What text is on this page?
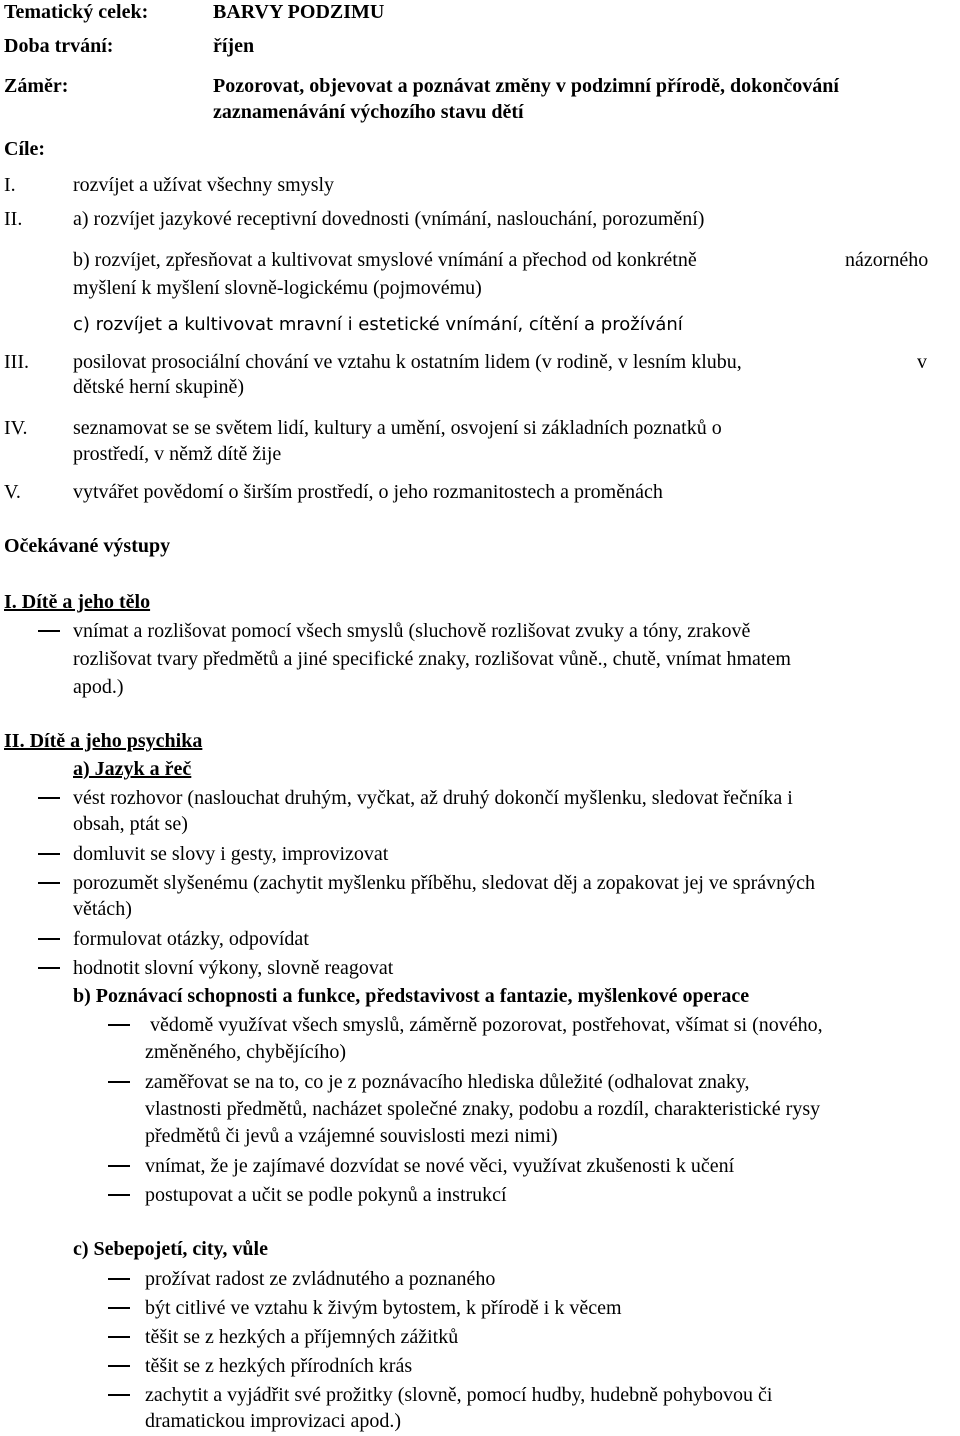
Tematický celek:	BARVY PODZIMU
Doba trvání:	říjen
Záměr:	Pozorovat, objevovat a poznávat změny v podzimní přírodě, dokončování
zaznamenávání výchozího stavu dětí
Cíle:
I.	rozvíjet a užívat všechny smysly
II.	a) rozvíjet jazykové receptivní dovednosti (vnímání, naslouchání, porozumění)
b) rozvíjet, zpřesňovat a kultivovat smyslové vnímání a přechod od konkrétně	názorného
myšlení k myšlení slovně-logickému (pojmovému)
c) rozvíjet a kultivovat mravní i estetické vnímání, cítění a prožívání
III. posilovat prosociální chování ve vztahu k ostatním lidem (v rodině, v lesním klubu,	v
dětské herní skupině)
IV. seznamovat se se světem lidí, kultury a umění, osvojení si základních poznatků o
prostředí, v němž dítě žije
V.	vytvářet povědomí o širším prostředí, o jeho rozmanitostech a proměnách
Očekávané výstupy
I. Dítě a jeho tělo
vnímat a rozlišovat pomocí všech smyslů (sluchově rozlišovat zvuky a tóny, zrakově
rozlišovat tvary předmětů a jiné specifické znaky, rozlišovat vůně., chutě, vnímat hmatem
apod.)
II. Dítě a jeho psychika
a) Jazyk a řeč
vést rozhovor (naslouchat druhým, vyčkat, až druhý dokončí myšlenku, sledovat řečníka i
obsah, ptát se)
domluvit se slovy i gesty, improvizovat
porozumět slyšenému (zachytit myšlenku příběhu, sledovat děj a zopakovat jej ve správných
větách)
formulovat otázky, odpovídat
hodnotit slovní výkony, slovně reagovat
b) Poznávací schopnosti a funkce, představivost a fantazie, myšlenkové operace
vědomě využívat všech smyslů, záměrně pozorovat, postřehovat, všímat si (nového,
změněného, chybějícího)
zaměřovat se na to, co je z poznávacího hlediska důležité (odhalovat znaky,
vlastnosti předmětů, nacházet společné znaky, podobu a rozdíl, charakteristické rysy
předmětů či jevů a vzájemné souvislosti mezi nimi)
vnímat, že je zajímavé dozvídat se nové věci, využívat zkušenosti k učení
postupovat a učit se podle pokynů a instrukcí
c) Sebepojetí, city, vůle
prožívat radost ze zvládnutého a poznaného
být citlivé ve vztahu k živým bytostem, k přírodě i k věcem
těšit se z hezkých a příjemných zážitků
těšit se z hezkých přírodních krás
zachytit a vyjádřit své prožitky (slovně, pomocí hudby, hudebně pohybovou či
dramatickou improvizaci apod.)
